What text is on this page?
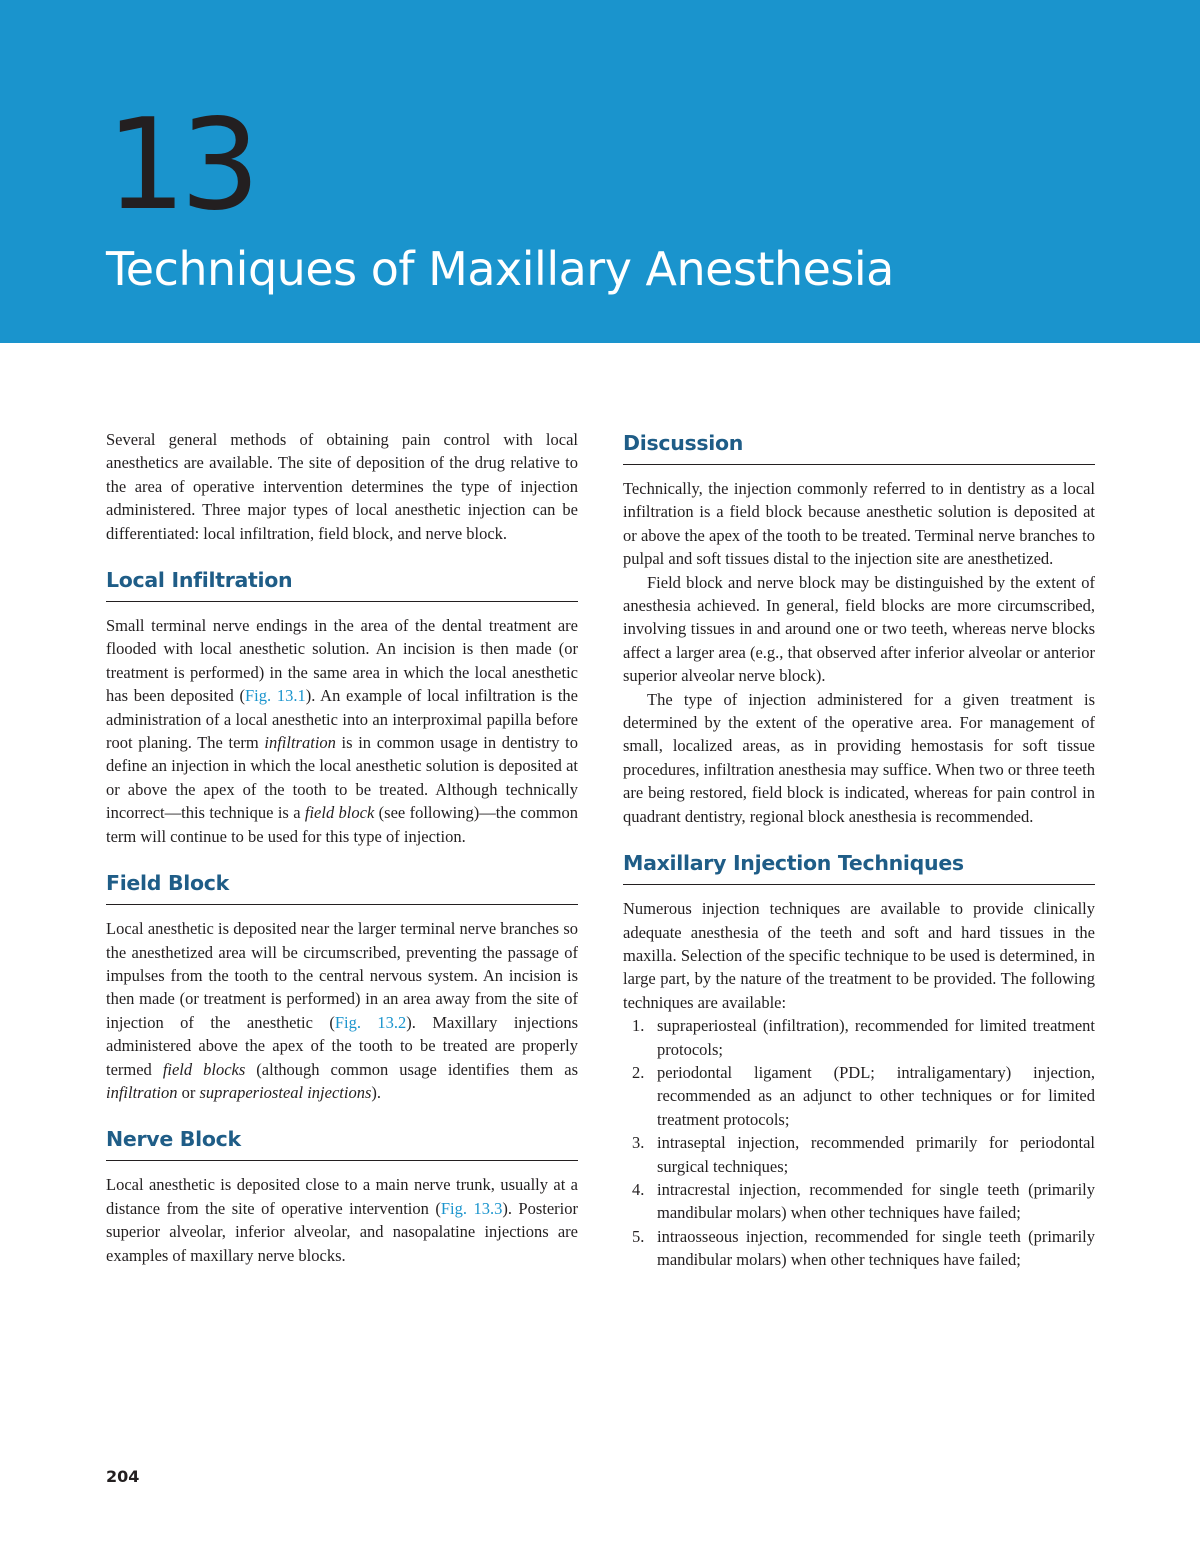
13
Techniques of Maxillary Anesthesia

Several general methods of obtaining pain control with local anesthetics are available. The site of deposition of the drug relative to the area of operative intervention determines the type of injection administered. Three major types of local anesthetic injection can be differentiated: local infiltration, field block, and nerve block.

Local Infiltration

Small terminal nerve endings in the area of the dental treatment are flooded with local anesthetic solution. An incision is then made (or treatment is performed) in the same area in which the local anesthetic has been deposited (Fig. 13.1). An example of local infiltration is the administration of a local anesthetic into an interproximal papilla before root planing. The term infiltration is in common usage in dentistry to define an injection in which the local anesthetic solution is deposited at or above the apex of the tooth to be treated. Although technically incorrect—this technique is a field block (see following)—the common term will continue to be used for this type of injection.

Field Block

Local anesthetic is deposited near the larger terminal nerve branches so the anesthetized area will be circumscribed, preventing the passage of impulses from the tooth to the central nervous system. An incision is then made (or treatment is performed) in an area away from the site of injection of the anesthetic (Fig. 13.2). Maxillary injections administered above the apex of the tooth to be treated are properly termed field blocks (although common usage identifies them as infiltration or supraperiosteal injections).

Nerve Block

Local anesthetic is deposited close to a main nerve trunk, usually at a distance from the site of operative intervention (Fig. 13.3). Posterior superior alveolar, inferior alveolar, and nasopalatine injections are examples of maxillary nerve blocks.

Discussion

Technically, the injection commonly referred to in dentistry as a local infiltration is a field block because anesthetic solution is deposited at or above the apex of the tooth to be treated. Terminal nerve branches to pulpal and soft tissues distal to the injection site are anesthetized.

Field block and nerve block may be distinguished by the extent of anesthesia achieved. In general, field blocks are more circumscribed, involving tissues in and around one or two teeth, whereas nerve blocks affect a larger area (e.g., that observed after inferior alveolar or anterior superior alveolar nerve block).

The type of injection administered for a given treatment is determined by the extent of the operative area. For management of small, localized areas, as in providing hemostasis for soft tissue procedures, infiltration anesthesia may suffice. When two or three teeth are being restored, field block is indicated, whereas for pain control in quadrant dentistry, regional block anesthesia is recommended.

Maxillary Injection Techniques

Numerous injection techniques are available to provide clinically adequate anesthesia of the teeth and soft and hard tissues in the maxilla. Selection of the specific technique to be used is determined, in large part, by the nature of the treatment to be provided. The following techniques are available:

1. supraperiosteal (infiltration), recommended for limited treatment protocols;
2. periodontal ligament (PDL; intraligamentary) injection, recommended as an adjunct to other techniques or for limited treatment protocols;
3. intraseptal injection, recommended primarily for periodontal surgical techniques;
4. intracrestal injection, recommended for single teeth (primarily mandibular molars) when other techniques have failed;
5. intraosseous injection, recommended for single teeth (primarily mandibular molars) when other techniques have failed;
204
